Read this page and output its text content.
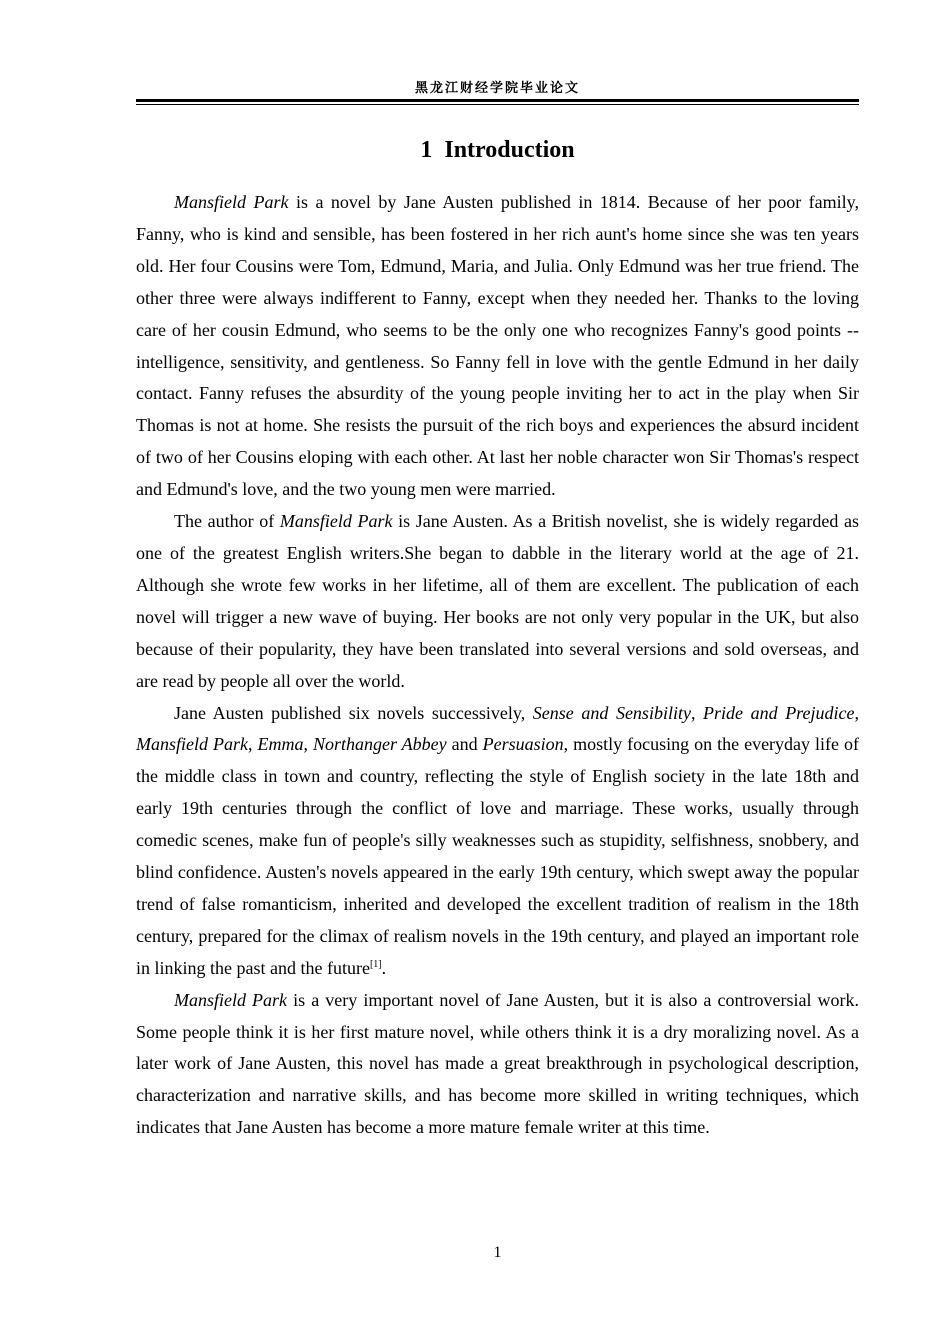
黑龙江财经学院毕业论文
1 Introduction

Mansfield Park is a novel by Jane Austen published in 1814. Because of her poor family, Fanny, who is kind and sensible, has been fostered in her rich aunt's home since she was ten years old. Her four Cousins were Tom, Edmund, Maria, and Julia. Only Edmund was her true friend. The other three were always indifferent to Fanny, except when they needed her. Thanks to the loving care of her cousin Edmund, who seems to be the only one who recognizes Fanny's good points -- intelligence, sensitivity, and gentleness. So Fanny fell in love with the gentle Edmund in her daily contact. Fanny refuses the absurdity of the young people inviting her to act in the play when Sir Thomas is not at home. She resists the pursuit of the rich boys and experiences the absurd incident of two of her Cousins eloping with each other. At last her noble character won Sir Thomas's respect and Edmund's love, and the two young men were married.

The author of Mansfield Park is Jane Austen. As a British novelist, she is widely regarded as one of the greatest English writers.She began to dabble in the literary world at the age of 21. Although she wrote few works in her lifetime, all of them are excellent. The publication of each novel will trigger a new wave of buying. Her books are not only very popular in the UK, but also because of their popularity, they have been translated into several versions and sold overseas, and are read by people all over the world.

Jane Austen published six novels successively, Sense and Sensibility, Pride and Prejudice, Mansfield Park, Emma, Northanger Abbey and Persuasion, mostly focusing on the everyday life of the middle class in town and country, reflecting the style of English society in the late 18th and early 19th centuries through the conflict of love and marriage. These works, usually through comedic scenes, make fun of people's silly weaknesses such as stupidity, selfishness, snobbery, and blind confidence. Austen's novels appeared in the early 19th century, which swept away the popular trend of false romanticism, inherited and developed the excellent tradition of realism in the 18th century, prepared for the climax of realism novels in the 19th century, and played an important role in linking the past and the future[1].

Mansfield Park is a very important novel of Jane Austen, but it is also a controversial work. Some people think it is her first mature novel, while others think it is a dry moralizing novel. As a later work of Jane Austen, this novel has made a great breakthrough in psychological description, characterization and narrative skills, and has become more skilled in writing techniques, which indicates that Jane Austen has become a more mature female writer at this time.

1
